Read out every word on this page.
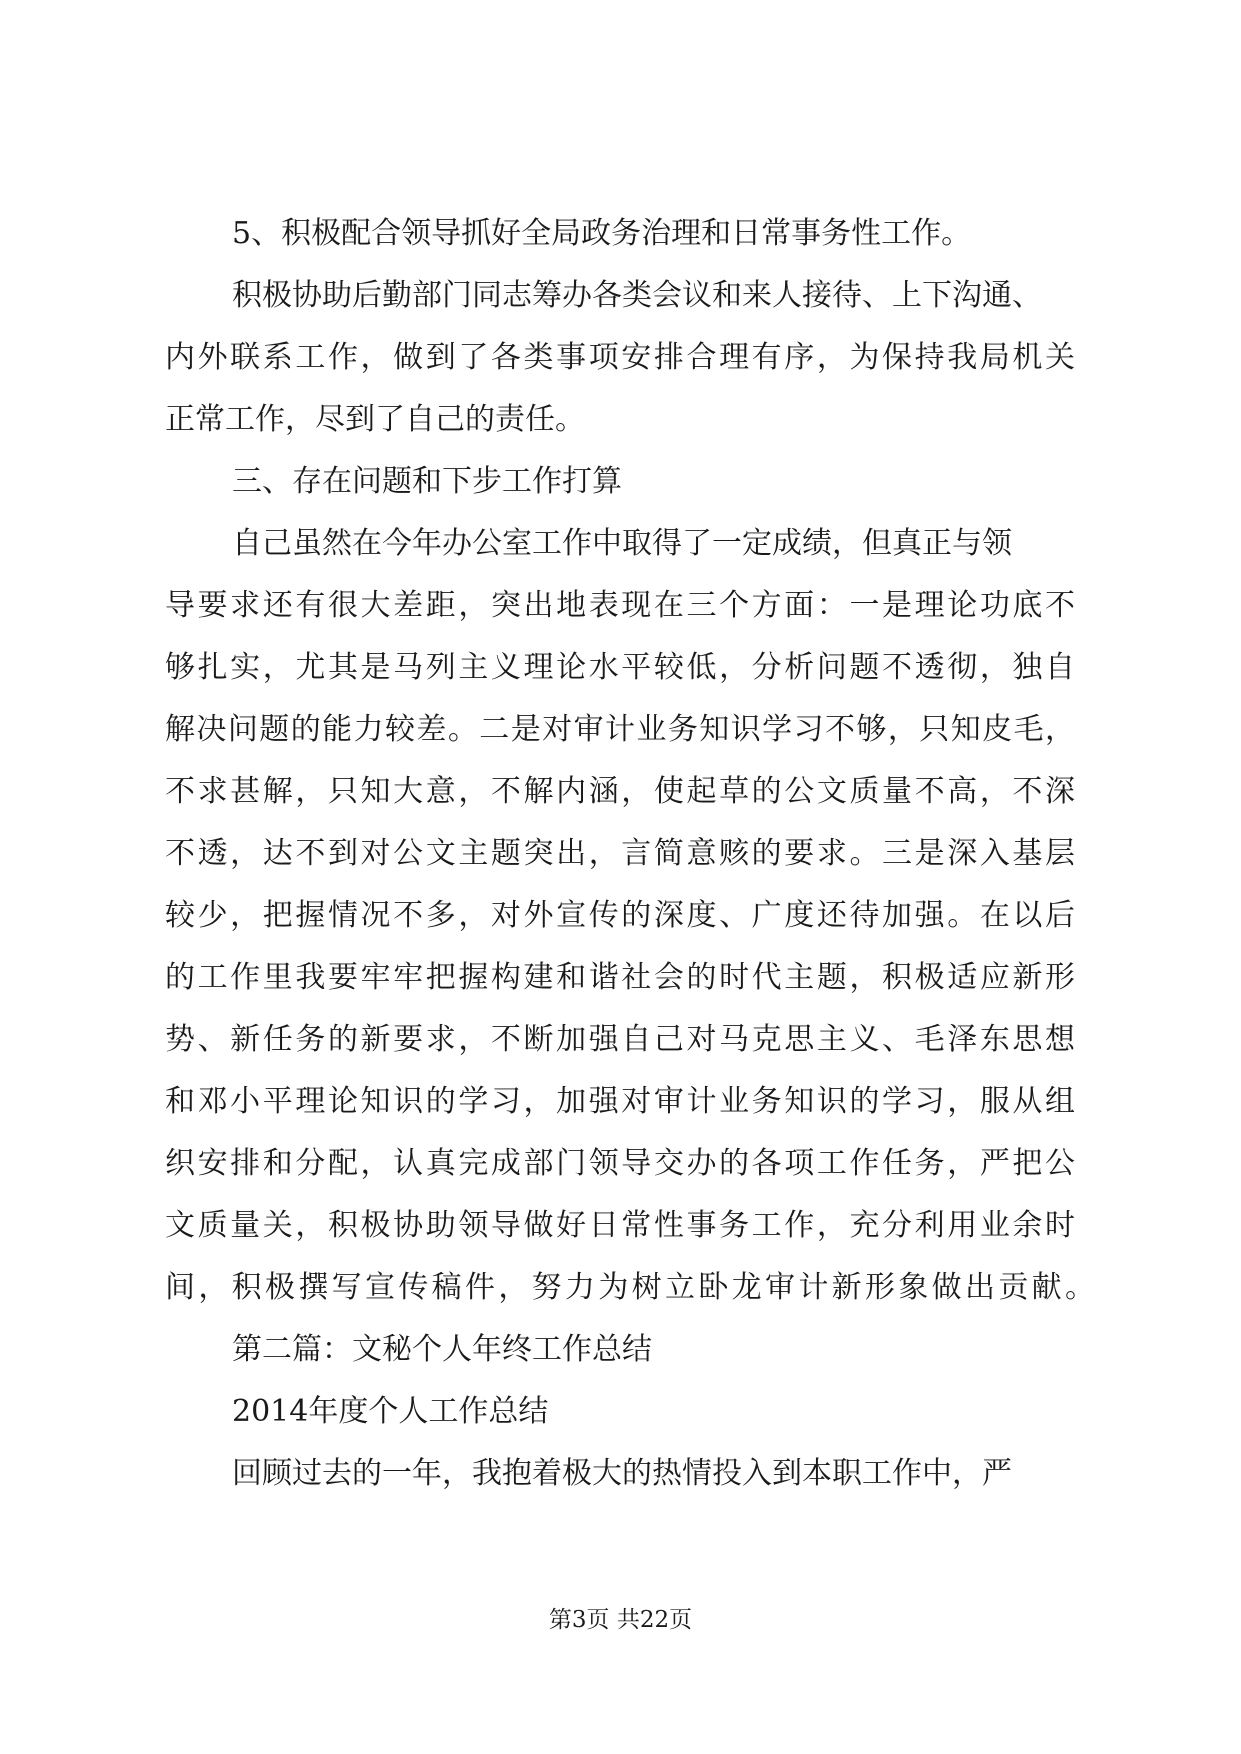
5、积极配合领导抓好全局政务治理和日常事务性工作。

积极协助后勤部门同志筹办各类会议和来人接待、上下沟通、

内外联系工作，做到了各类事项安排合理有序，为保持我局机关

正常工作，尽到了自己的责任。

三、存在问题和下步工作打算

自己虽然在今年办公室工作中取得了一定成绩，但真正与领

导要求还有很大差距，突出地表现在三个方面：一是理论功底不

够扎实，尤其是马列主义理论水平较低，分析问题不透彻，独自

解决问题的能力较差。二是对审计业务知识学习不够，只知皮毛，

不求甚解，只知大意，不解内涵，使起草的公文质量不高，不深

不透，达不到对公文主题突出，言简意赅的要求。三是深入基层

较少，把握情况不多，对外宣传的深度、广度还待加强。在以后

的工作里我要牢牢把握构建和谐社会的时代主题，积极适应新形

势、新任务的新要求，不断加强自己对马克思主义、毛泽东思想

和邓小平理论知识的学习，加强对审计业务知识的学习，服从组

织安排和分配，认真完成部门领导交办的各项工作任务，严把公

文质量关，积极协助领导做好日常性事务工作，充分利用业余时

间，积极撰写宣传稿件，努力为树立卧龙审计新形象做出贡献。

第二篇：文秘个人年终工作总结

2014年度个人工作总结

回顾过去的一年，我抱着极大的热情投入到本职工作中，严

第3页 共22页
